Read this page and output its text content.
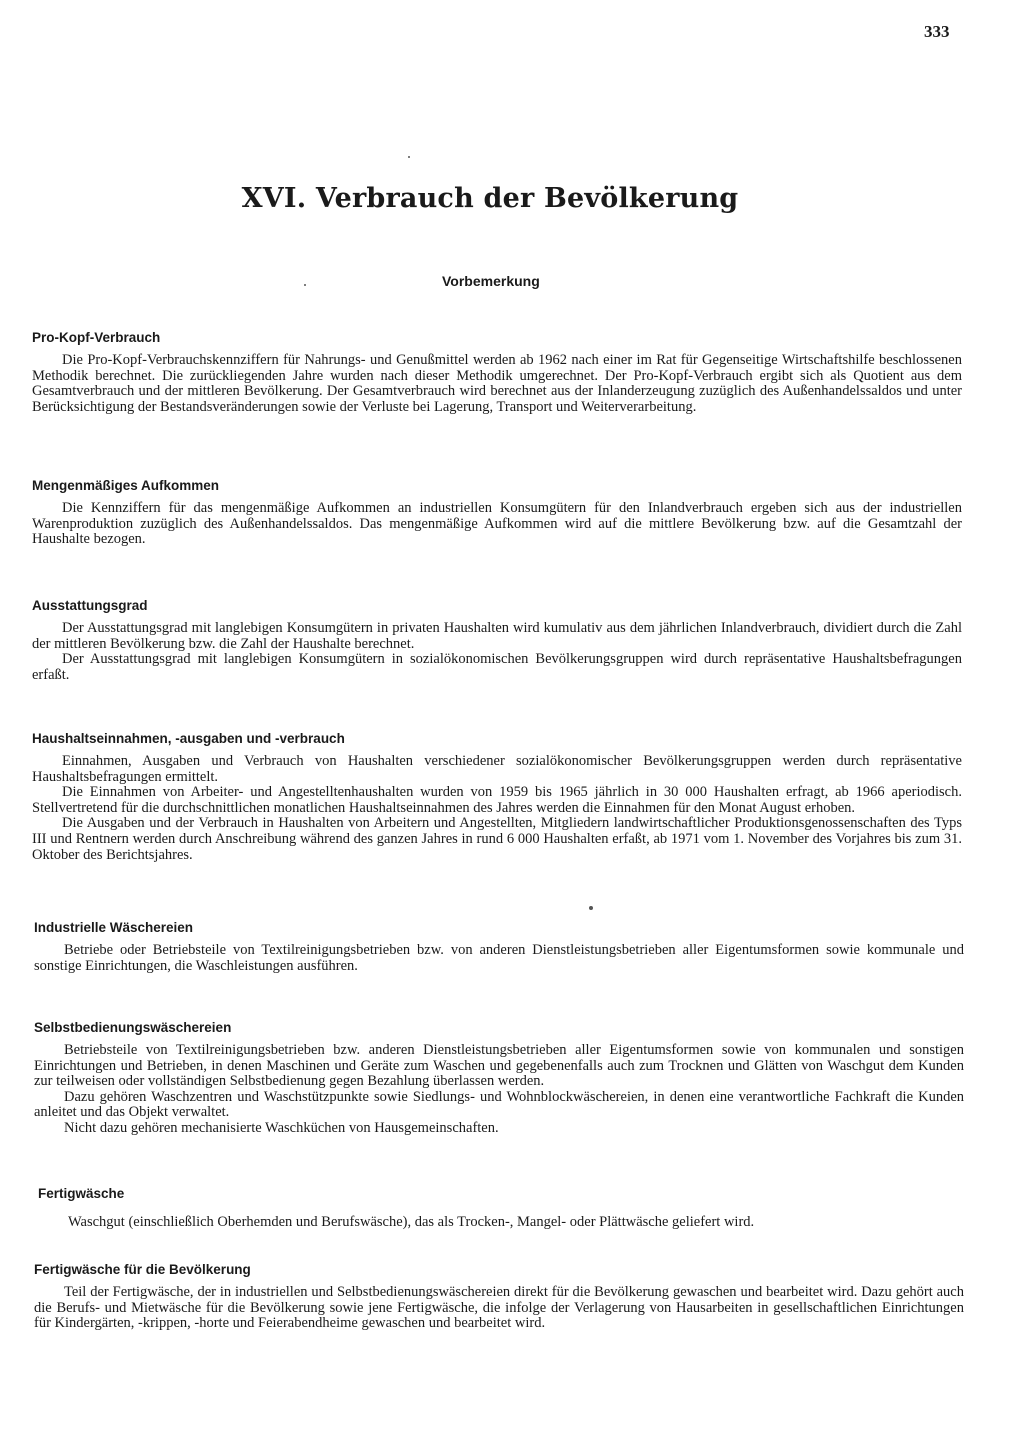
333
XVI. Verbrauch der Bevölkerung
Vorbemerkung
Pro-Kopf-Verbrauch

Die Pro-Kopf-Verbrauchskennziffern für Nahrungs- und Genußmittel werden ab 1962 nach einer im Rat für Gegenseitige Wirtschaftshilfe beschlossenen Methodik berechnet. Die zurückliegenden Jahre wurden nach dieser Methodik umgerechnet. Der Pro-Kopf-Verbrauch ergibt sich als Quotient aus dem Gesamtverbrauch und der mittleren Bevölkerung. Der Gesamtverbrauch wird berechnet aus der Inlanderzeugung zuzüglich des Außenhandelssaldos und unter Berücksichtigung der Bestandsveränderungen sowie der Verluste bei Lagerung, Transport und Weiterverarbeitung.

Mengenmäßiges Aufkommen

Die Kennziffern für das mengenmäßige Aufkommen an industriellen Konsumgütern für den Inlandverbrauch ergeben sich aus der industriellen Warenproduktion zuzüglich des Außenhandelssaldos. Das mengenmäßige Aufkommen wird auf die mittlere Bevölkerung bzw. auf die Gesamtzahl der Haushalte bezogen.

Ausstattungsgrad

Der Ausstattungsgrad mit langlebigen Konsumgütern in privaten Haushalten wird kumulativ aus dem jährlichen Inlandverbrauch, dividiert durch die Zahl der mittleren Bevölkerung bzw. die Zahl der Haushalte berechnet.

Der Ausstattungsgrad mit langlebigen Konsumgütern in sozialökonomischen Bevölkerungsgruppen wird durch repräsentative Haushaltsbefragungen erfaßt.

Haushaltseinnahmen, -ausgaben und -verbrauch

Einnahmen, Ausgaben und Verbrauch von Haushalten verschiedener sozialökonomischer Bevölkerungsgruppen werden durch repräsentative Haushaltsbefragungen ermittelt.

Die Einnahmen von Arbeiter- und Angestelltenhaushalten wurden von 1959 bis 1965 jährlich in 30 000 Haushalten erfragt, ab 1966 aperiodisch. Stellvertretend für die durchschnittlichen monatlichen Haushaltseinnahmen des Jahres werden die Einnahmen für den Monat August erhoben.

Die Ausgaben und der Verbrauch in Haushalten von Arbeitern und Angestellten, Mitgliedern landwirtschaftlicher Produktionsgenossenschaften des Typs III und Rentnern werden durch Anschreibung während des ganzen Jahres in rund 6 000 Haushalten erfaßt, ab 1971 vom 1. November des Vorjahres bis zum 31. Oktober des Berichtsjahres.

Industrielle Wäschereien

Betriebe oder Betriebsteile von Textilreinigungsbetrieben bzw. von anderen Dienstleistungsbetrieben aller Eigentumsformen sowie kommunale und sonstige Einrichtungen, die Waschleistungen ausführen.

Selbstbedienungswäschereien

Betriebsteile von Textilreinigungsbetrieben bzw. anderen Dienstleistungsbetrieben aller Eigentumsformen sowie von kommunalen und sonstigen Einrichtungen und Betrieben, in denen Maschinen und Geräte zum Waschen und gegebenenfalls auch zum Trocknen und Glätten von Waschgut dem Kunden zur teilweisen oder vollständigen Selbstbedienung gegen Bezahlung überlassen werden.

Dazu gehören Waschzentren und Waschstützpunkte sowie Siedlungs- und Wohnblockwäschereien, in denen eine verantwortliche Fachkraft die Kunden anleitet und das Objekt verwaltet.

Nicht dazu gehören mechanisierte Waschküchen von Hausgemeinschaften.

Fertigwäsche

Waschgut (einschließlich Oberhemden und Berufswäsche), das als Trocken-, Mangel- oder Plättwäsche geliefert wird.

Fertigwäsche für die Bevölkerung

Teil der Fertigwäsche, der in industriellen und Selbstbedienungswäschereien direkt für die Bevölkerung gewaschen und bearbeitet wird. Dazu gehört auch die Berufs- und Mietwäsche für die Bevölkerung sowie jene Fertigwäsche, die infolge der Verlagerung von Hausarbeiten in gesellschaftlichen Einrichtungen für Kindergärten, -krippen, -horte und Feierabendheime gewaschen und bearbeitet wird.
